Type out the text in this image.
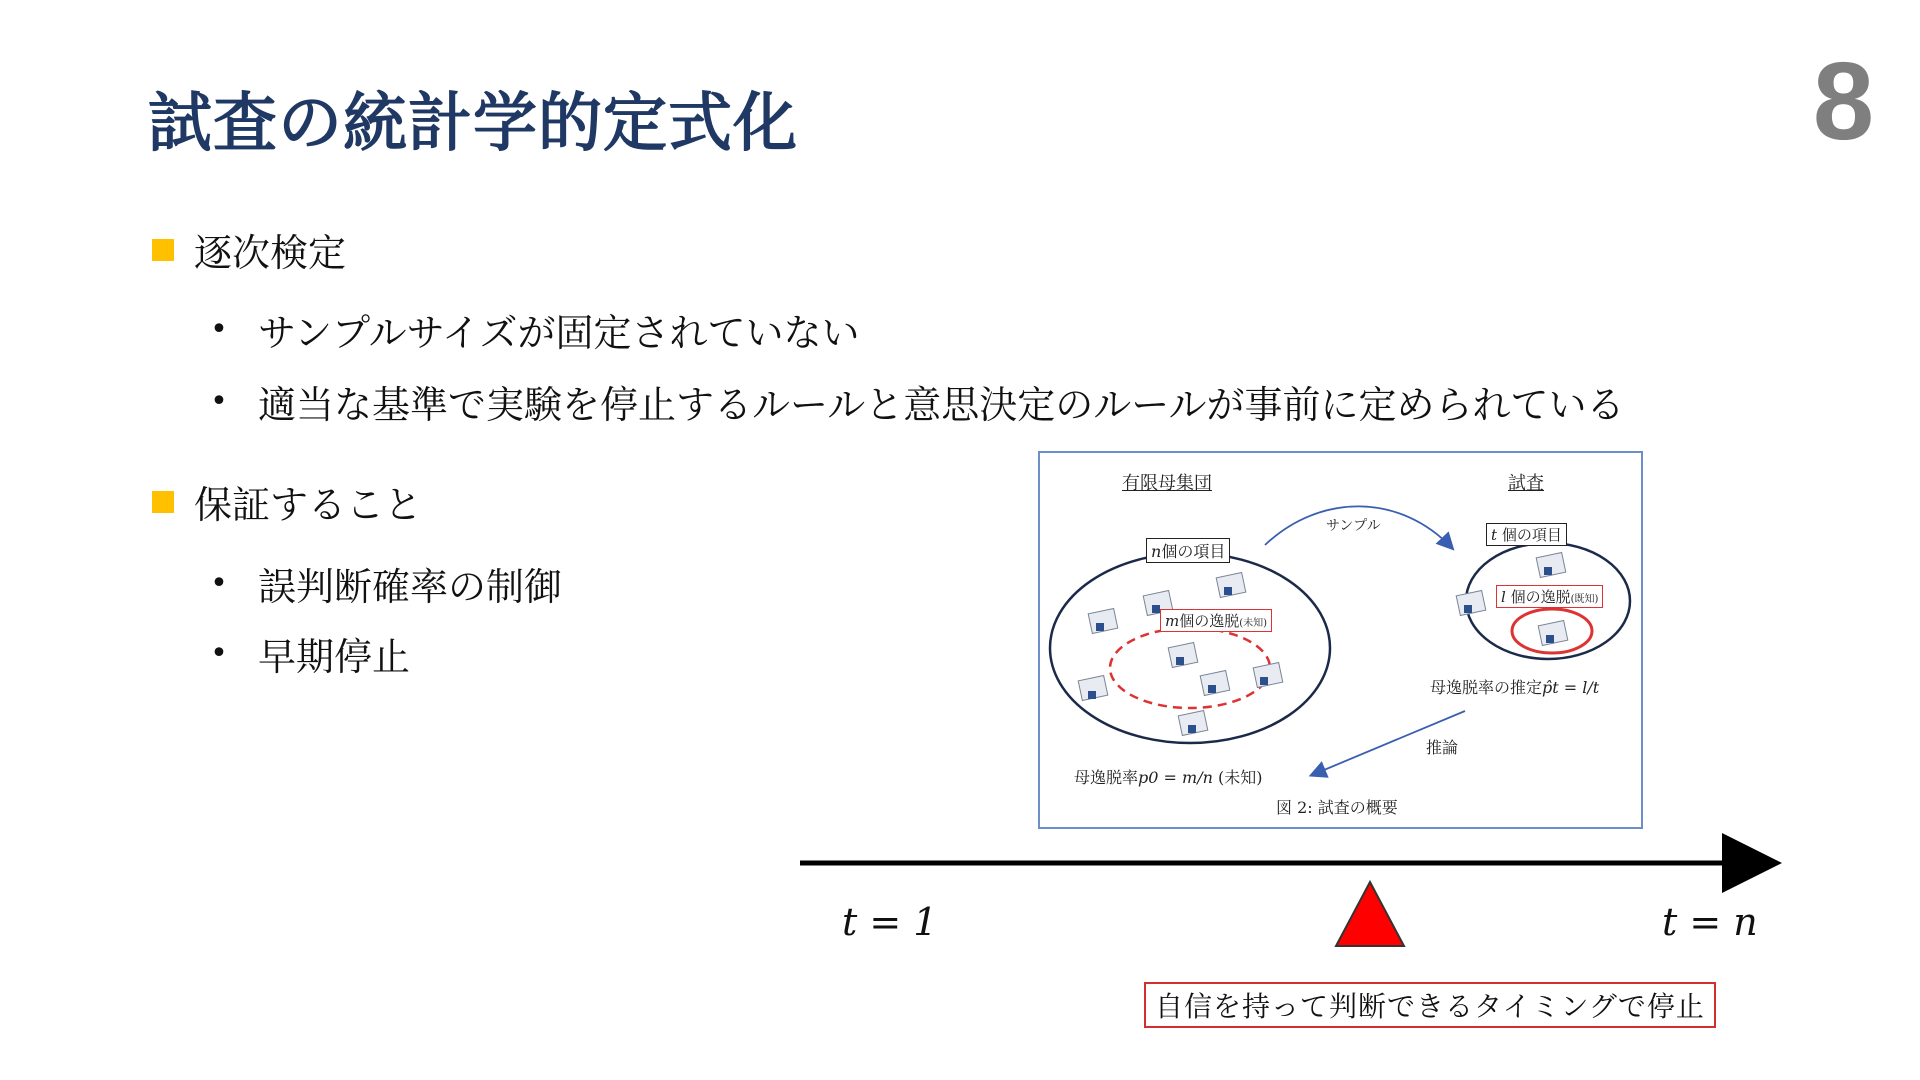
試査の統計学的定式化	8
逐次検定
• サンプルサイズが固定されていない
• 適当な基準で実験を停止するルールと意思決定のルールが事前に定められている
保証すること
• 誤判断確率の制御
• 早期停止
有限母集団	試査
サンプル
n個の項目
m個の逸脱(未知)
t 個の項目
l 個の逸脱(既知)
母逸脱率の推定p̂t = l/t
推論
母逸脱率p0 = m/n (未知)
図 2: 試査の概要
t = 1	t = n
自信を持って判断できるタイミングで停止
